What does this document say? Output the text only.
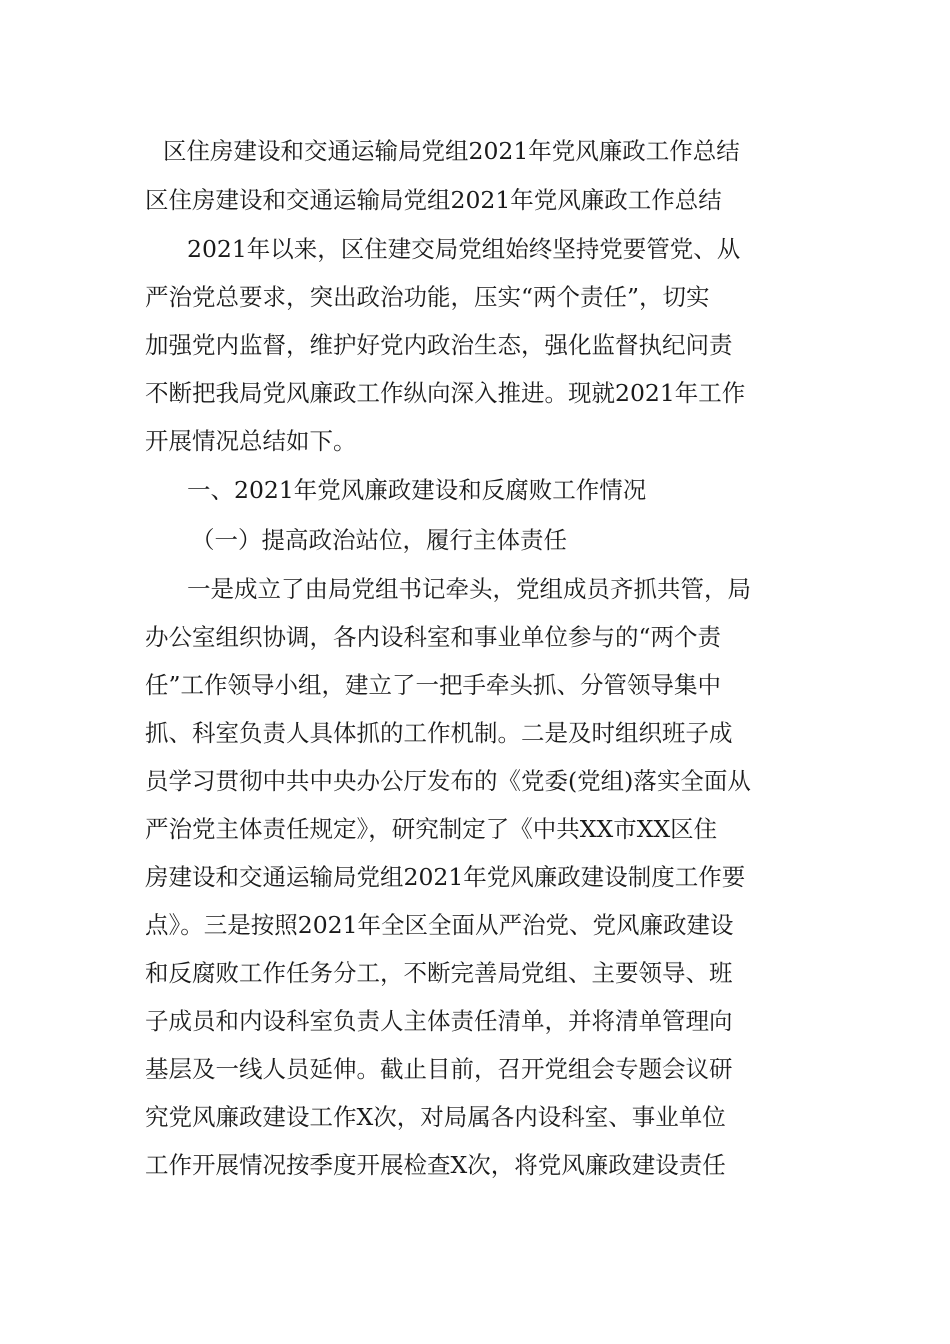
区住房建设和交通运输局党组2021年党风廉政工作总结
区住房建设和交通运输局党组2021年党风廉政工作总结
2021年以来，区住建交局党组始终坚持党要管党、从
严治党总要求，突出政治功能，压实“两个责任”，切实
加强党内监督，维护好党内政治生态，强化监督执纪问责
不断把我局党风廉政工作纵向深入推进。现就2021年工作
开展情况总结如下。
一、2021年党风廉政建设和反腐败工作情况
（一）提高政治站位，履行主体责任
一是成立了由局党组书记牵头，党组成员齐抓共管，局
办公室组织协调，各内设科室和事业单位参与的“两个责
任”工作领导小组，建立了一把手牵头抓、分管领导集中
抓、科室负责人具体抓的工作机制。二是及时组织班子成
员学习贯彻中共中央办公厅发布的《党委(党组)落实全面从
严治党主体责任规定》，研究制定了《中共XX市XX区住
房建设和交通运输局党组2021年党风廉政建设制度工作要
点》。三是按照2021年全区全面从严治党、党风廉政建设
和反腐败工作任务分工，不断完善局党组、主要领导、班
子成员和内设科室负责人主体责任清单，并将清单管理向
基层及一线人员延伸。截止目前，召开党组会专题会议研
究党风廉政建设工作X次，对局属各内设科室、事业单位
工作开展情况按季度开展检查X次，将党风廉政建设责任
